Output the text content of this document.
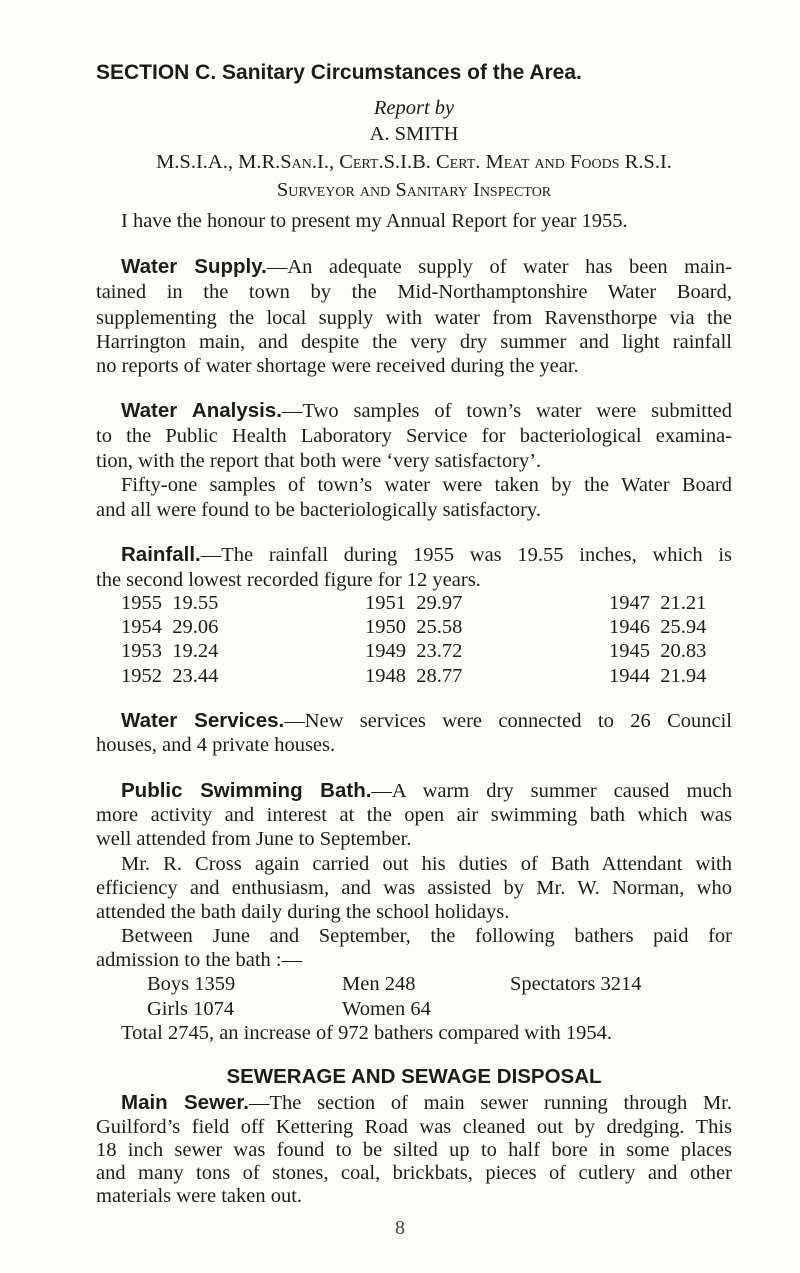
SECTION C. Sanitary Circumstances of the Area.
Report by
A. SMITH
M.S.I.A., M.R.San.I., Cert.S.I.B. Cert. Meat and Foods R.S.I.
Surveyor and Sanitary Inspector
I have the honour to present my Annual Report for year 1955.
Water Supply.—An adequate supply of water has been main-
tained in the town by the Mid-Northamptonshire Water Board,
supplementing the local supply with water from Ravensthorpe via the
Harrington main, and despite the very dry summer and light rainfall
no reports of water shortage were received during the year.
Water Analysis.—Two samples of town’s water were submitted
to the Public Health Laboratory Service for bacteriological examina-
tion, with the report that both were ‘very satisfactory’.
Fifty-one samples of town’s water were taken by the Water Board
and all were found to be bacteriologically satisfactory.
Rainfall.—The rainfall during 1955 was 19.55 inches, which is
the second lowest recorded figure for 12 years.
1955 19.55	1951 29.97	1947 21.21
1954 29.06	1950 25.58	1946 25.94
1953 19.24	1949 23.72	1945 20.83
1952 23.44	1948 28.77	1944 21.94
Water Services.—New services were connected to 26 Council
houses, and 4 private houses.
Public Swimming Bath.—A warm dry summer caused much
more activity and interest at the open air swimming bath which was
well attended from June to September.
Mr. R. Cross again carried out his duties of Bath Attendant with
efficiency and enthusiasm, and was assisted by Mr. W. Norman, who
attended the bath daily during the school holidays.
Between June and September, the following bathers paid for
admission to the bath :—
Boys 1359	Men 248	Spectators 3214
Girls 1074	Women 64
Total 2745, an increase of 972 bathers compared with 1954.
SEWERAGE AND SEWAGE DISPOSAL
Main Sewer.—The section of main sewer running through Mr.
Guilford’s field off Kettering Road was cleaned out by dredging. This
18 inch sewer was found to be silted up to half bore in some places
and many tons of stones, coal, brickbats, pieces of cutlery and other
materials were taken out.
8
